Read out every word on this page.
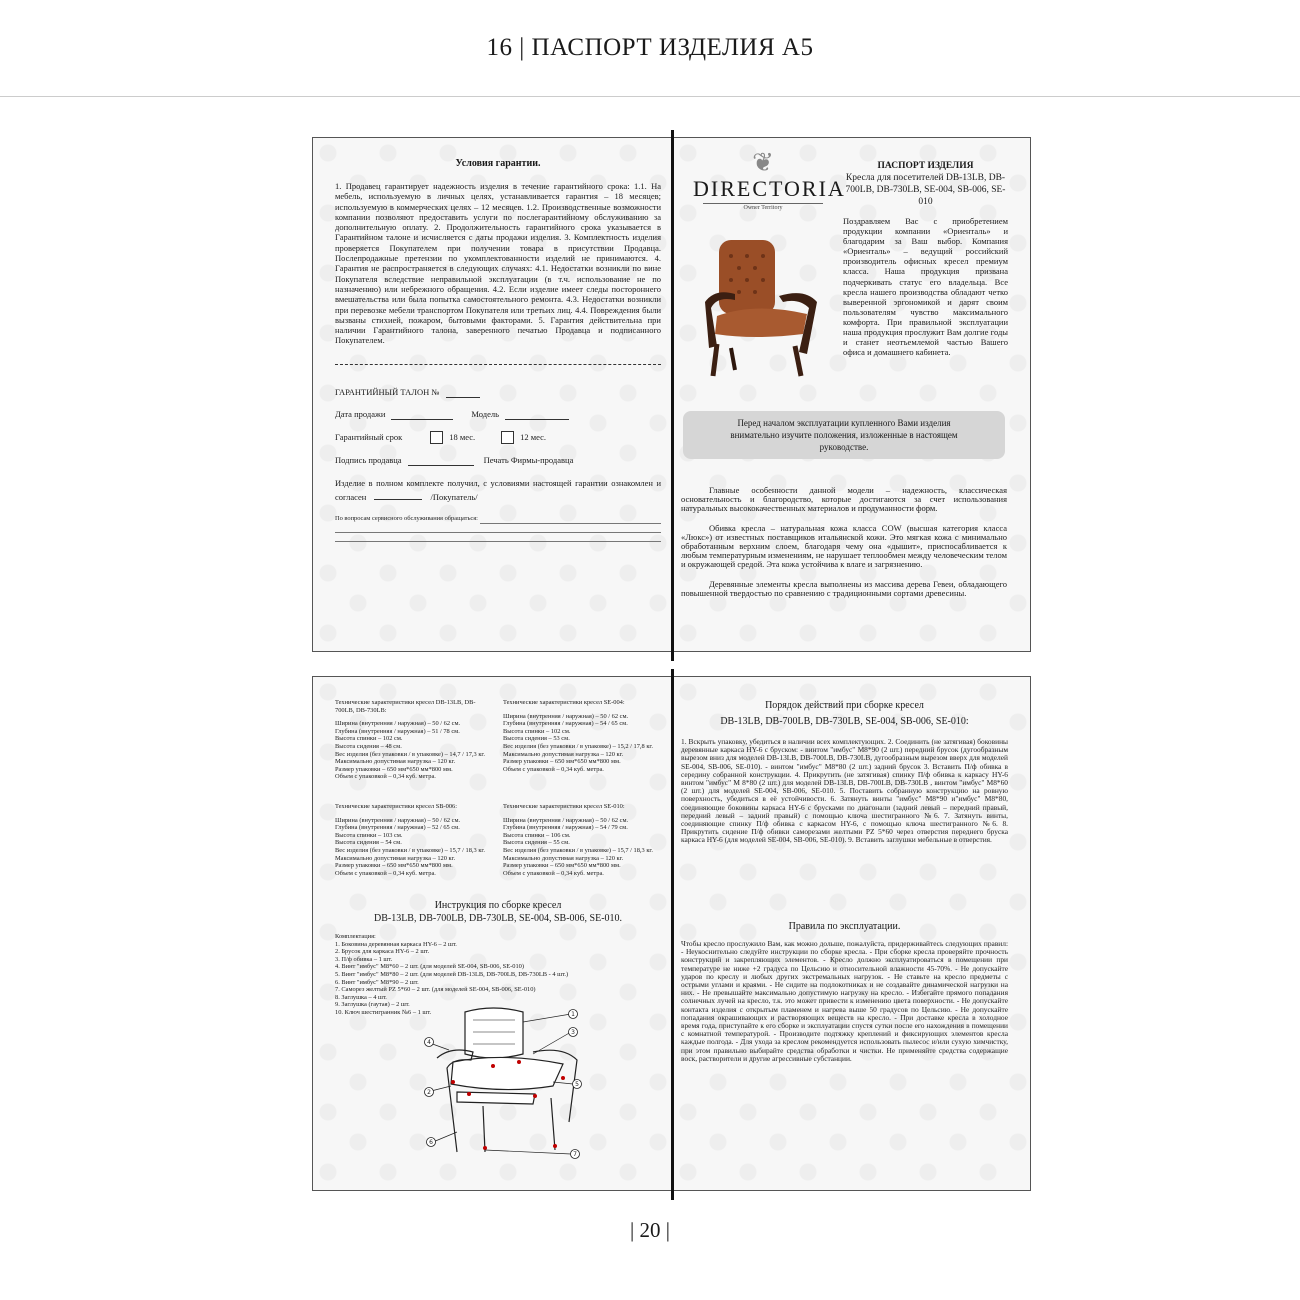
16 | ПАСПОРТ ИЗДЕЛИЯ А5
Условия гарантии.
1. Продавец гарантирует надежность изделия в течение гарантийного срока: 1.1. На мебель, используемую в личных целях, устанавливается гарантия – 18 месяцев; используемую в коммерческих целях – 12 месяцев. 1.2. Производственные возможности компании позволяют предоставить услуги по послегарантийному обслуживанию за дополнительную оплату. 2. Продолжительность гарантийного срока указывается в Гарантийном талоне и исчисляется с даты продажи изделия. 3. Комплектность изделия проверяется Покупателем при получении товара в присутствии Продавца. Послепродажные претензии по укомплектованности изделий не принимаются. 4. Гарантия не распространяется в следующих случаях: 4.1. Недостатки возникли по вине Покупателя вследствие неправильной эксплуатации (в т.ч. использование не по назначению) или небрежного обращения. 4.2. Если изделие имеет следы постороннего вмешательства или была попытка самостоятельного ремонта. 4.3. Недостатки возникли при перевозке мебели транспортом Покупателя или третьих лиц. 4.4. Повреждения были вызваны стихией, пожаром, бытовыми факторами. 5. Гарантия действительна при наличии Гарантийного талона, заверенного печатью Продавца и подписанного Покупателем.
ГАРАНТИЙНЫЙ ТАЛОН №
Дата продажи	Модель
Гарантийный срок	18 мес.	12 мес.
Подпись продавца	Печать Фирмы-продавца
Изделие в полном комплекте получил, с условиями настоящей гарантии ознакомлен и согласен	/Покупатель/
По вопросам сервисного обслуживания обращаться:
❦
DIRECTORIA
Owner Territory
ПАСПОРТ ИЗДЕЛИЯ
Кресла для посетителей DB-13LB, DB-700LB, DB-730LB, SE-004, SB-006, SE-010
Поздравляем Вас с приобретением продукции компании «Ориенталь» и благодарим за Ваш выбор. Компания «Ориенталь» – ведущий российский производитель офисных кресел премиум класса. Наша продукция призвана подчеркивать статус его владельца. Все кресла нашего производства обладают четко выверенной эргономикой и дарят своим пользователям чувство максимального комфорта. При правильной эксплуатации наша продукция прослужит Вам долгие годы и станет неотъемлемой частью Вашего офиса и домашнего кабинета.
Перед началом эксплуатации купленного Вами изделия внимательно изучите положения, изложенные в настоящем руководстве.
Главные особенности данной модели – надежность, классическая основательность и благородство, которые достигаются за счет использования натуральных высококачественных материалов и продуманности форм.
Обивка кресла – натуральная кожа класса COW (высшая категория класса «Люкс») от известных поставщиков итальянской кожи. Это мягкая кожа с минимально обработанным верхним слоем, благодаря чему она «дышит», приспосабливается к любым температурным изменениям, не нарушает теплообмен между человеческим телом и окружающей средой. Эта кожа устойчива к влаге и загрязнению.
Деревянные элементы кресла выполнены из массива дерева Гевеи, обладающего повышенной твердостью по сравнению с традиционными сортами древесины.
Технические характеристики кресел DB-13LB, DB-700LB, DB-730LB:
Ширина (внутренняя / наружная) – 50 / 62 см.
Глубина (внутренняя / наружная) – 51 / 78 см.
Высота спинки – 102 см.
Высота сидения – 48 см.
Вес изделия (без упаковки / в упаковке) – 14,7 / 17,3 кг.
Максимально допустимая нагрузка – 120 кг.
Размер упаковки – 650 мм*650 мм*800 мм.
Объем с упаковкой – 0,34 куб. метра.
Технические характеристики кресел SE-004:
Ширина (внутренняя / наружная) – 50 / 62 см.
Глубина (внутренняя / наружная) – 54 / 65 см.
Высота спинки – 102 см.
Высота сидения – 53 см.
Вес изделия (без упаковки / в упаковке) – 15,2 / 17,8 кг.
Максимально допустимая нагрузка – 120 кг.
Размер упаковки – 650 мм*650 мм*800 мм.
Объем с упаковкой – 0,34 куб. метра.
Технические характеристики кресел SB-006:
Ширина (внутренняя / наружная) – 50 / 62 см.
Глубина (внутренняя / наружная) – 52 / 65 см.
Высота спинки – 103 см.
Высота сидения – 54 см.
Вес изделия (без упаковки / в упаковке) – 15,7 / 18,3 кг.
Максимально допустимая нагрузка – 120 кг.
Размер упаковки – 650 мм*650 мм*800 мм.
Объем с упаковкой – 0,34 куб. метра.
Технические характеристики кресел SE-010:
Ширина (внутренняя / наружная) – 50 / 62 см.
Глубина (внутренняя / наружная) – 54 / 79 см.
Высота спинки – 106 см.
Высота сидения – 55 см.
Вес изделия (без упаковки / в упаковке) – 15,7 / 18,3 кг.
Максимально допустимая нагрузка – 120 кг.
Размер упаковки – 650 мм*650 мм*800 мм.
Объем с упаковкой – 0,34 куб. метра.
Инструкция по сборке кресел
DB-13LB, DB-700LB, DB-730LB, SE-004, SB-006, SE-010.
Комплектация:
1. Боковина деревянная каркаса HY-6 – 2 шт.
2. Брусок для каркаса HY-6 – 2 шт.
3. П/ф обивка – 1 шт.
4. Винт "имбус" М8*60 – 2 шт. (для моделей SE-004, SB-006, SE-010)
5. Винт "имбус" М8*80 – 2 шт. (для моделей DB-13LB, DB-700LB, DB-730LB - 4 шт.)
6. Винт "имбус" М8*90 – 2 шт.
7. Саморез желтый PZ 5*60 – 2 шт. (для моделей SE-004, SB-006, SE-010)
8. Заглушка – 4 шт.
9. Заглушка (гаутая) – 2 шт.
10. Ключ шестигранник №6 – 1 шт.	1
2
3
4
5
6
7
Порядок действий при сборке кресел
DB-13LB, DB-700LB, DB-730LB, SE-004, SB-006, SE-010:
1. Вскрыть упаковку, убедиться в наличии всех комплектующих. 2. Соединить (не затягивая) боковины деревянные каркаса HY-6 с бруском: - винтом "имбус" М8*90 (2 шт.) передний брусок (дугообразным вырезом вниз для моделей DB-13LB, DB-700LB, DB-730LB, дугообразным вырезом вверх для моделей SE-004, SB-006, SE-010). - винтом "имбус" М8*80 (2 шт.) задний брусок 3. Вставить П/ф обивка в середину собранной конструкции. 4. Прикрутить (не затягивая) спинку П/ф обивка к каркасу HY-6 винтом "имбус" М 8*80 (2 шт.) для моделей DB-13LB, DB-700LB, DB-730LB , винтом "имбус" М8*60 (2 шт.) для моделей SE-004, SB-006, SE-010. 5. Поставить собранную конструкцию на ровную поверхность, убедиться в её устойчивости. 6. Затянуть винты "имбус" М8*90 и"имбус" М8*80, соединяющие боковины каркаса HY-6 с брусками по диагонали (задний левый – передний правый, передний левый – задний правый) с помощью ключа шестигранного №6. 7. Затянуть винты, соединяющие спинку П/ф обивка с каркасом HY-6, с помощью ключа шестигранного №6. 8. Прикрутить сидение П/ф обивки саморезами желтыми PZ 5*60 через отверстия переднего бруска каркаса HY-6 (для моделей SE-004, SB-006, SE-010). 9. Вставить заглушки мебельные в отверстия.
Правила по эксплуатации.
Чтобы кресло прослужило Вам, как можно дольше, пожалуйста, придерживайтесь следующих правил: - Неукоснительно следуйте инструкции по сборке кресла. - При сборке кресла проверяйте прочность конструкций и закрепляющих элементов. - Кресло должно эксплуатироваться в помещении при температуре не ниже +2 градуса по Цельсию и относительной влажности 45-70%. - Не допускайте ударов по креслу и любых других экстремальных нагрузок. - Не ставьте на кресло предметы с острыми углами и краями. - Не сидите на подлокотниках и не создавайте динамической нагрузки на них. - Не превышайте максимально допустимую нагрузку на кресло. - Избегайте прямого попадания солнечных лучей на кресло, т.к. это может привести к изменению цвета поверхности. - Не допускайте контакта изделия с открытым пламенем и нагрева выше 50 градусов по Цельсию. - Не допускайте попадания окрашивающих и растворяющих веществ на кресло. - При доставке кресла в холодное время года, приступайте к его сборке и эксплуатации спустя сутки после его нахождения в помещении с комнатной температурой. - Производите подтяжку креплений и фиксирующих элементов кресла каждые полгода. - Для ухода за креслом рекомендуется использовать пылесос и/или сухую химчистку, при этом правильно выбирайте средства обработки и чистки. Не применяйте средства содержащие воск, растворители и другие агрессивные субстанции.
| 20 |
